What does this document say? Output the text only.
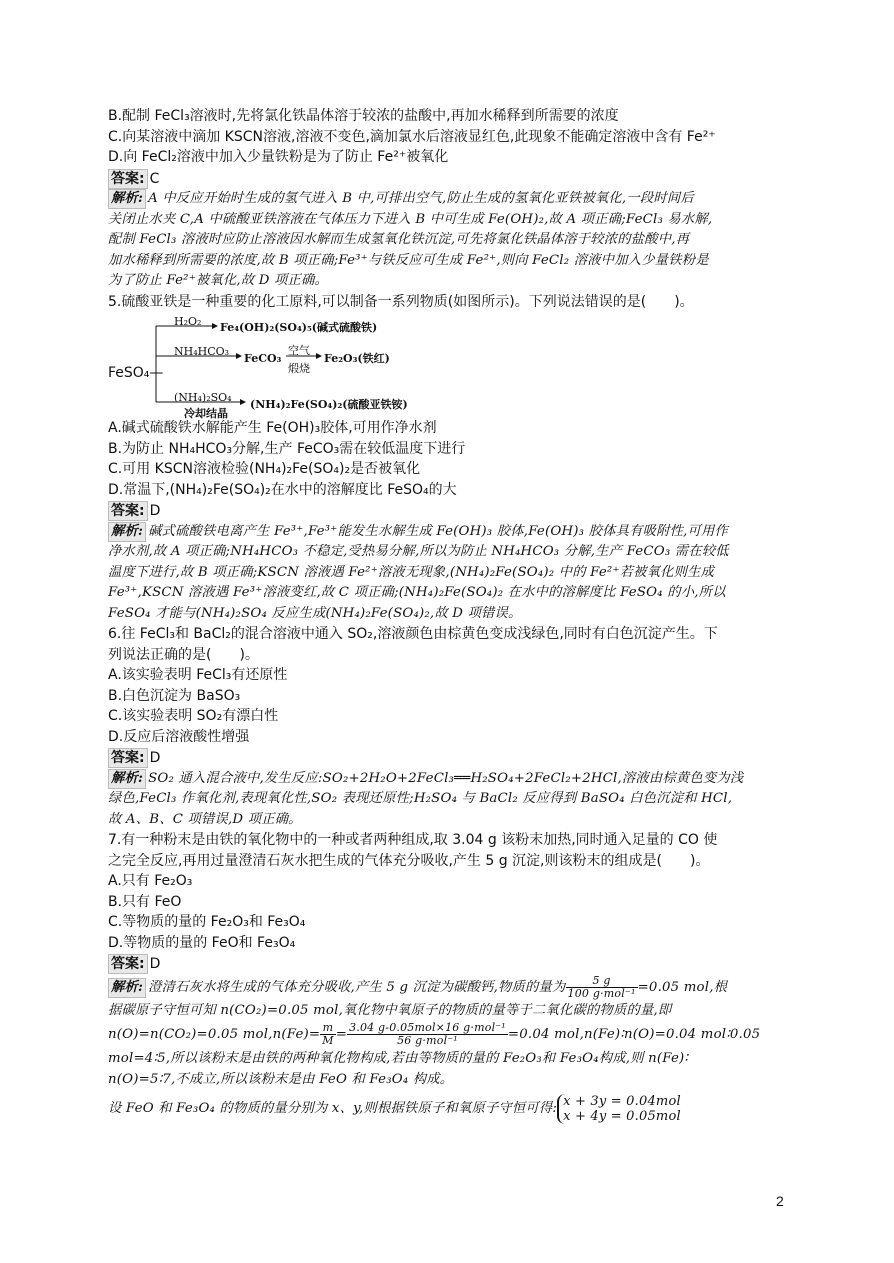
B.配制 FeCl₃溶液时,先将氯化铁晶体溶于较浓的盐酸中,再加水稀释到所需要的浓度
C.向某溶液中滴加 KSCN溶液,溶液不变色,滴加氯水后溶液显红色,此现象不能确定溶液中含有 Fe²⁺
D.向 FeCl₂溶液中加入少量铁粉是为了防止 Fe²⁺被氧化
答案: C
解析: A 中反应开始时生成的氢气进入 B 中,可排出空气,防止生成的氢氧化亚铁被氧化,一段时间后
关闭止水夹 C,A 中硫酸亚铁溶液在气体压力下进入 B 中可生成 Fe(OH)₂,故 A 项正确;FeCl₃ 易水解,
配制 FeCl₃ 溶液时应防止溶液因水解而生成氢氧化铁沉淀,可先将氯化铁晶体溶于较浓的盐酸中,再
加水稀释到所需要的浓度,故 B 项正确;Fe³⁺与铁反应可生成 Fe²⁺,则向 FeCl₂ 溶液中加入少量铁粉是
为了防止 Fe²⁺被氧化,故 D 项正确。
5.硫酸亚铁是一种重要的化工原料,可以制备一系列物质(如图所示)。下列说法错误的是(　　)。
FeSO₄—
H₂O₂ Fe₄(OH)₂(SO₄)₅(碱式硫酸铁)
NH₄HCO₃
FeCO₃
空气
煅烧
Fe₂O₃(铁红)
(NH₄)₂SO₄
冷却结晶
(NH₄)₂Fe(SO₄)₂(硫酸亚铁铵)
A.碱式硫酸铁水解能产生 Fe(OH)₃胶体,可用作净水剂
B.为防止 NH₄HCO₃分解,生产 FeCO₃需在较低温度下进行
C.可用 KSCN溶液检验(NH₄)₂Fe(SO₄)₂是否被氧化
D.常温下,(NH₄)₂Fe(SO₄)₂在水中的溶解度比 FeSO₄的大
答案: D
解析: 碱式硫酸铁电离产生 Fe³⁺,Fe³⁺能发生水解生成 Fe(OH)₃ 胶体,Fe(OH)₃ 胶体具有吸附性,可用作
净水剂,故 A 项正确;NH₄HCO₃ 不稳定,受热易分解,所以为防止 NH₄HCO₃ 分解,生产 FeCO₃ 需在较低
温度下进行,故 B 项正确;KSCN 溶液遇 Fe²⁺溶液无现象,(NH₄)₂Fe(SO₄)₂ 中的 Fe²⁺若被氧化则生成
Fe³⁺,KSCN 溶液遇 Fe³⁺溶液变红,故 C 项正确;(NH₄)₂Fe(SO₄)₂ 在水中的溶解度比 FeSO₄ 的小,所以
FeSO₄ 才能与(NH₄)₂SO₄ 反应生成(NH₄)₂Fe(SO₄)₂,故 D 项错误。
6.往 FeCl₃和 BaCl₂的混合溶液中通入 SO₂,溶液颜色由棕黄色变成浅绿色,同时有白色沉淀产生。下
列说法正确的是(　　)。
A.该实验表明 FeCl₃有还原性
B.白色沉淀为 BaSO₃
C.该实验表明 SO₂有漂白性
D.反应后溶液酸性增强
答案: D
解析: SO₂ 通入混合液中,发生反应:SO₂+2H₂O+2FeCl₃══H₂SO₄+2FeCl₂+2HCl,溶液由棕黄色变为浅
绿色,FeCl₃ 作氧化剂,表现氧化性,SO₂ 表现还原性;H₂SO₄ 与 BaCl₂ 反应得到 BaSO₄ 白色沉淀和 HCl,
故 A、B、C 项错误,D 项正确。
7.有一种粉末是由铁的氧化物中的一种或者两种组成,取 3.04 g 该粉末加热,同时通入足量的 CO 使
之完全反应,再用过量澄清石灰水把生成的气体充分吸收,产生 5 g 沉淀,则该粉末的组成是(　　)。
A.只有 Fe₂O₃
B.只有 FeO
C.等物质的量的 Fe₂O₃和 Fe₃O₄
D.等物质的量的 FeO和 Fe₃O₄
答案: D
解析: 澄清石灰水将生成的气体充分吸收,产生 5 g 沉淀为碳酸钙,物质的量为 $\frac{5 g}{\text{100 g·mol⁻¹}} =0.05$ mol,根
据碳原子守恒可知 n(CO₂)=0.05 mol,氧化物中氧原子的物质的量等于二氧化碳的物质的量,即
n(O)=n(CO₂)=0.05 $mol,n(Fe)= \frac{m}{M} = \frac{\text{3.04 g-0.05mol×16 g·mol⁻¹}}{\text{56 g·mol⁻¹}} =0.04$ mol,n(Fe)∶n(O)=0.04 mol∶0.05
mol=4∶5,所以该粉末是由铁的两种氧化物构成,若由等物质的量的 Fe₂O₃和 Fe₃O₄构成,则 n(Fe)∶
n(O)=5∶7,不成立,所以该粉末是由 FeO 和 Fe₃O₄ 构成。
设 FeO 和 Fe₃O₄ 的物质的量分别为 x、y,则根据铁原子和氧原子守恒可得: x + 3y = 0.04mol
x + 4y = 0.05mol
2
